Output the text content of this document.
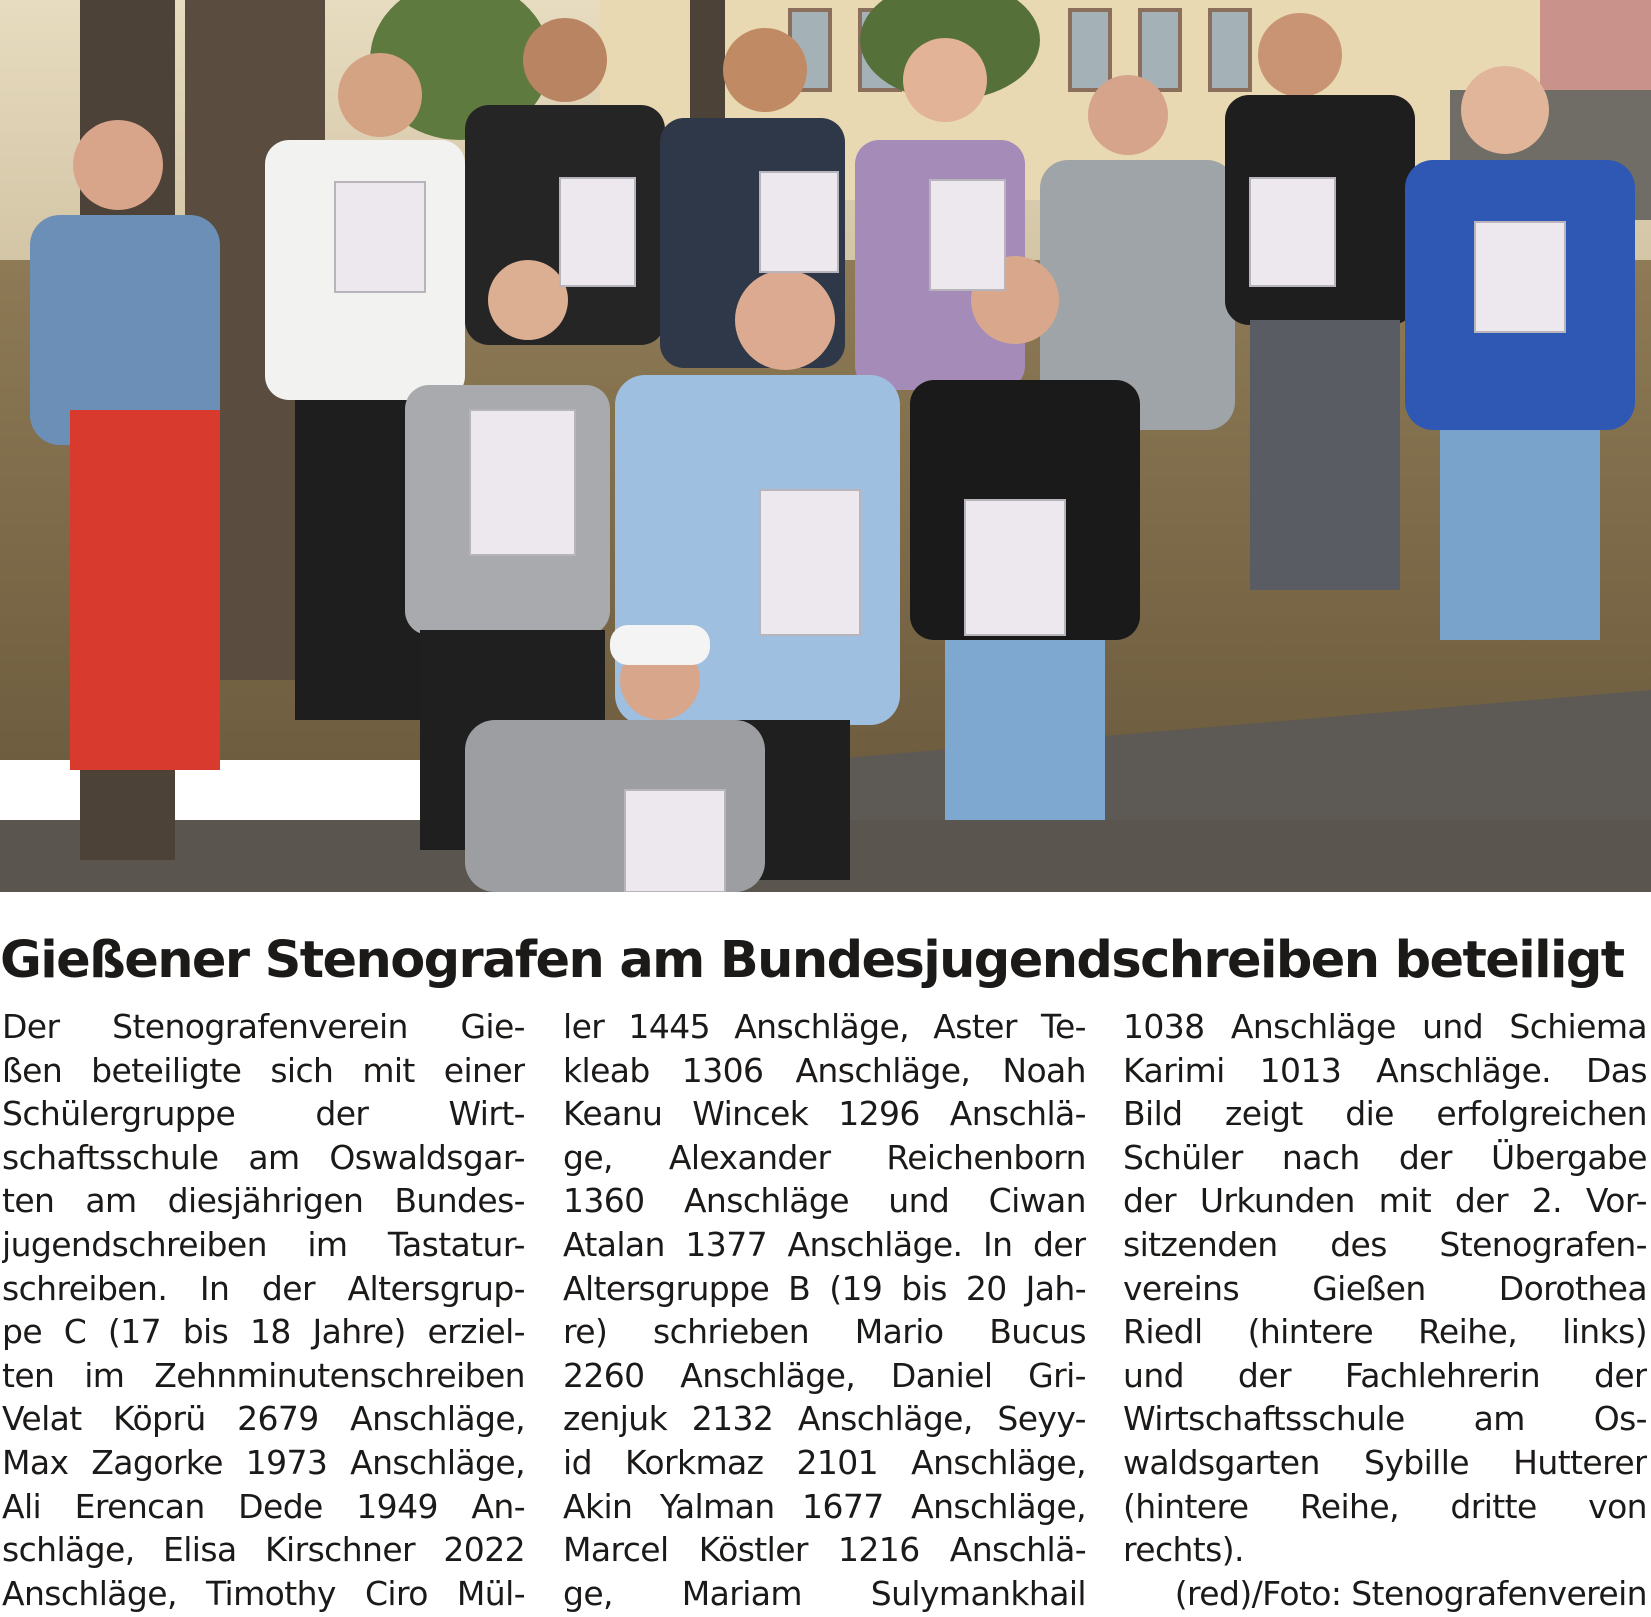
Gießener Stenografen am Bundesjugendschreiben beteiligt
Der Stenografenverein Gie-
ßen beteiligte sich mit einer
Schülergruppe der Wirt-
schaftsschule am Oswaldsgar-
ten am diesjährigen Bundes-
jugendschreiben im Tastatur-
schreiben. In der Altersgrup-
pe C (17 bis 18 Jahre) erziel-
ten im Zehnminutenschreiben
Velat Köprü 2679 Anschläge,
Max Zagorke 1973 Anschläge,
Ali Erencan Dede 1949 An-
schläge, Elisa Kirschner 2022
Anschläge, Timothy Ciro Mül-
ler 1445 Anschläge, Aster Te-
kleab 1306 Anschläge, Noah
Keanu Wincek 1296 Anschlä-
ge, Alexander Reichenborn
1360 Anschläge und Ciwan
Atalan 1377 Anschläge. In der
Altersgruppe B (19 bis 20 Jah-
re) schrieben Mario Bucus
2260 Anschläge, Daniel Gri-
zenjuk 2132 Anschläge, Seyy-
id Korkmaz 2101 Anschläge,
Akin Yalman 1677 Anschläge,
Marcel Köstler 1216 Anschlä-
ge, Mariam Sulymankhail
1038 Anschläge und Schiema
Karimi 1013 Anschläge. Das
Bild zeigt die erfolgreichen
Schüler nach der Übergabe
der Urkunden mit der 2. Vor-
sitzenden des Stenografen-
vereins Gießen Dorothea
Riedl (hintere Reihe, links)
und der Fachlehrerin der
Wirtschaftsschule am Os-
waldsgarten Sybille Hutterer
(hintere Reihe, dritte von
rechts).
(red)/Foto: Stenografenverein
